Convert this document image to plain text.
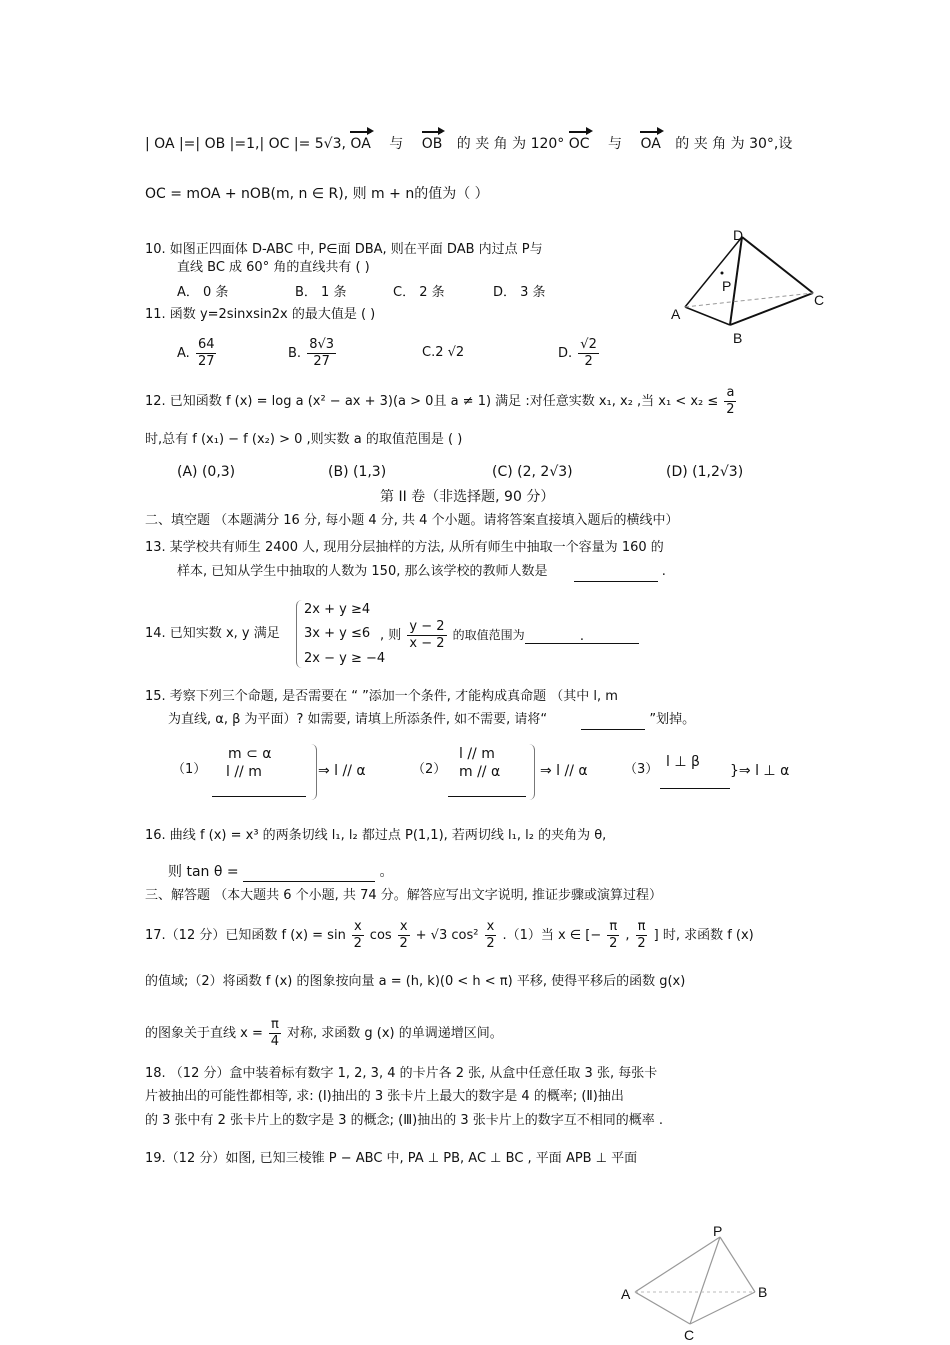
| OA |=| OB |=1,| OC |= 5√3, OA 与 OB 的 夹 角 为 120° OC 与 OA 的 夹 角 为 30°,设
OC = mOA + nOB(m, n ∈ R), 则 m + n的值为（ ）
10. 如图正四面体 D-ABC 中, P∈面 DBA, 则在平面 DAB 内过点 P与
直线 BC 成 60° 角的直线共有 ( )
A． 0 条	B． 1 条	C． 2 条	D． 3 条
D
P
A
B
C
11. 函数 y=2sinxsin2x 的最大值是 ( )
A. $\frac{64}{27}$	B. $\frac{8√3}{27}$	C.2 √2	D. $\frac{√2}{2}$
12. 已知函数 f (x) = log a (x² − ax + 3)(a > 0且 a ≠ 1) 满足 :对任意实数 x₁, x₂ ,当 $x_1 < x_2 \le \frac{a}{2}$
时,总有 f (x₁) − f (x₂) > 0 ,则实数 a 的取值范围是 ( )
(A) (0,3)	(B) (1,3)	(C) (2, 2√3)	(D) (1,2√3)
第 II 卷（非选择题, 90 分）
二、填空题 （本题满分 16 分, 每小题 4 分, 共 4 个小题。请将答案直接填入题后的横线中）
13. 某学校共有师生 2400 人, 现用分层抽样的方法, 从所有师生中抽取一个容量为 160 的
样本, 已知从学生中抽取的人数为 150, 那么该学校的教师人数是	.
14. 已知实数 x, y 满足
2x + y ≥4
3x + y ≤6
2x − y ≥ −4
, 则 $\frac{y - 2}{x - 2}$ 的取值范围为	.
15. 考察下列三个命题, 是否需要在 “ ”添加一个条件, 才能构成真命题 （其中 l, m
为直线, α, β 为平面）? 如需要, 请填上所添条件, 如不需要, 请将“	”划掉。
（1）
m ⊂ α
l // m	⇒ l // α	（2）
l // m
m // α	⇒ l // α	（3） l ⊥ β
}⇒ l ⊥ α
16. 曲线 f (x) = x³ 的两条切线 l₁, l₂ 都过点 P(1,1), 若两切线 l₁, l₂ 的夹角为 θ,
则 tan θ =	。
三、解答题 （本大题共 6 个小题, 共 74 分。解答应写出文字说明, 推证步骤或演算过程）
17.（12 分）已知函数 f $(x) = \sin \frac{x}{2}$ $\cos \frac{x}{2} + √3$ $\cos^2 \frac{x}{2} .(1)$当 x ∈ [− $\frac{\pi}{2}$ , $\frac{\pi}{2}$ ] 时, 求函数 f (x)
的值域;（2）将函数 f (x) 的图象按向量 a = (h, k)(0 < h < π) 平移, 使得平移后的函数 g(x)
的图象关于直线 $x = \frac{\pi}{4}$ 对称, 求函数 g (x) 的单调递增区间。
18. （12 分）盒中装着标有数字 1, 2, 3, 4 的卡片各 2 张, 从盒中任意任取 3 张, 每张卡
片被抽出的可能性都相等, 求: (Ⅰ)抽出的 3 张卡片上最大的数字是 4 的概率; (Ⅱ)抽出
的 3 张中有 2 张卡片上的数字是 3 的概念; (Ⅲ)抽出的 3 张卡片上的数字互不相同的概率 .
19.（12 分）如图, 已知三棱锥 P − ABC 中, PA ⊥ PB, AC ⊥ BC , 平面 APB ⊥ 平面
P
A	B
C
